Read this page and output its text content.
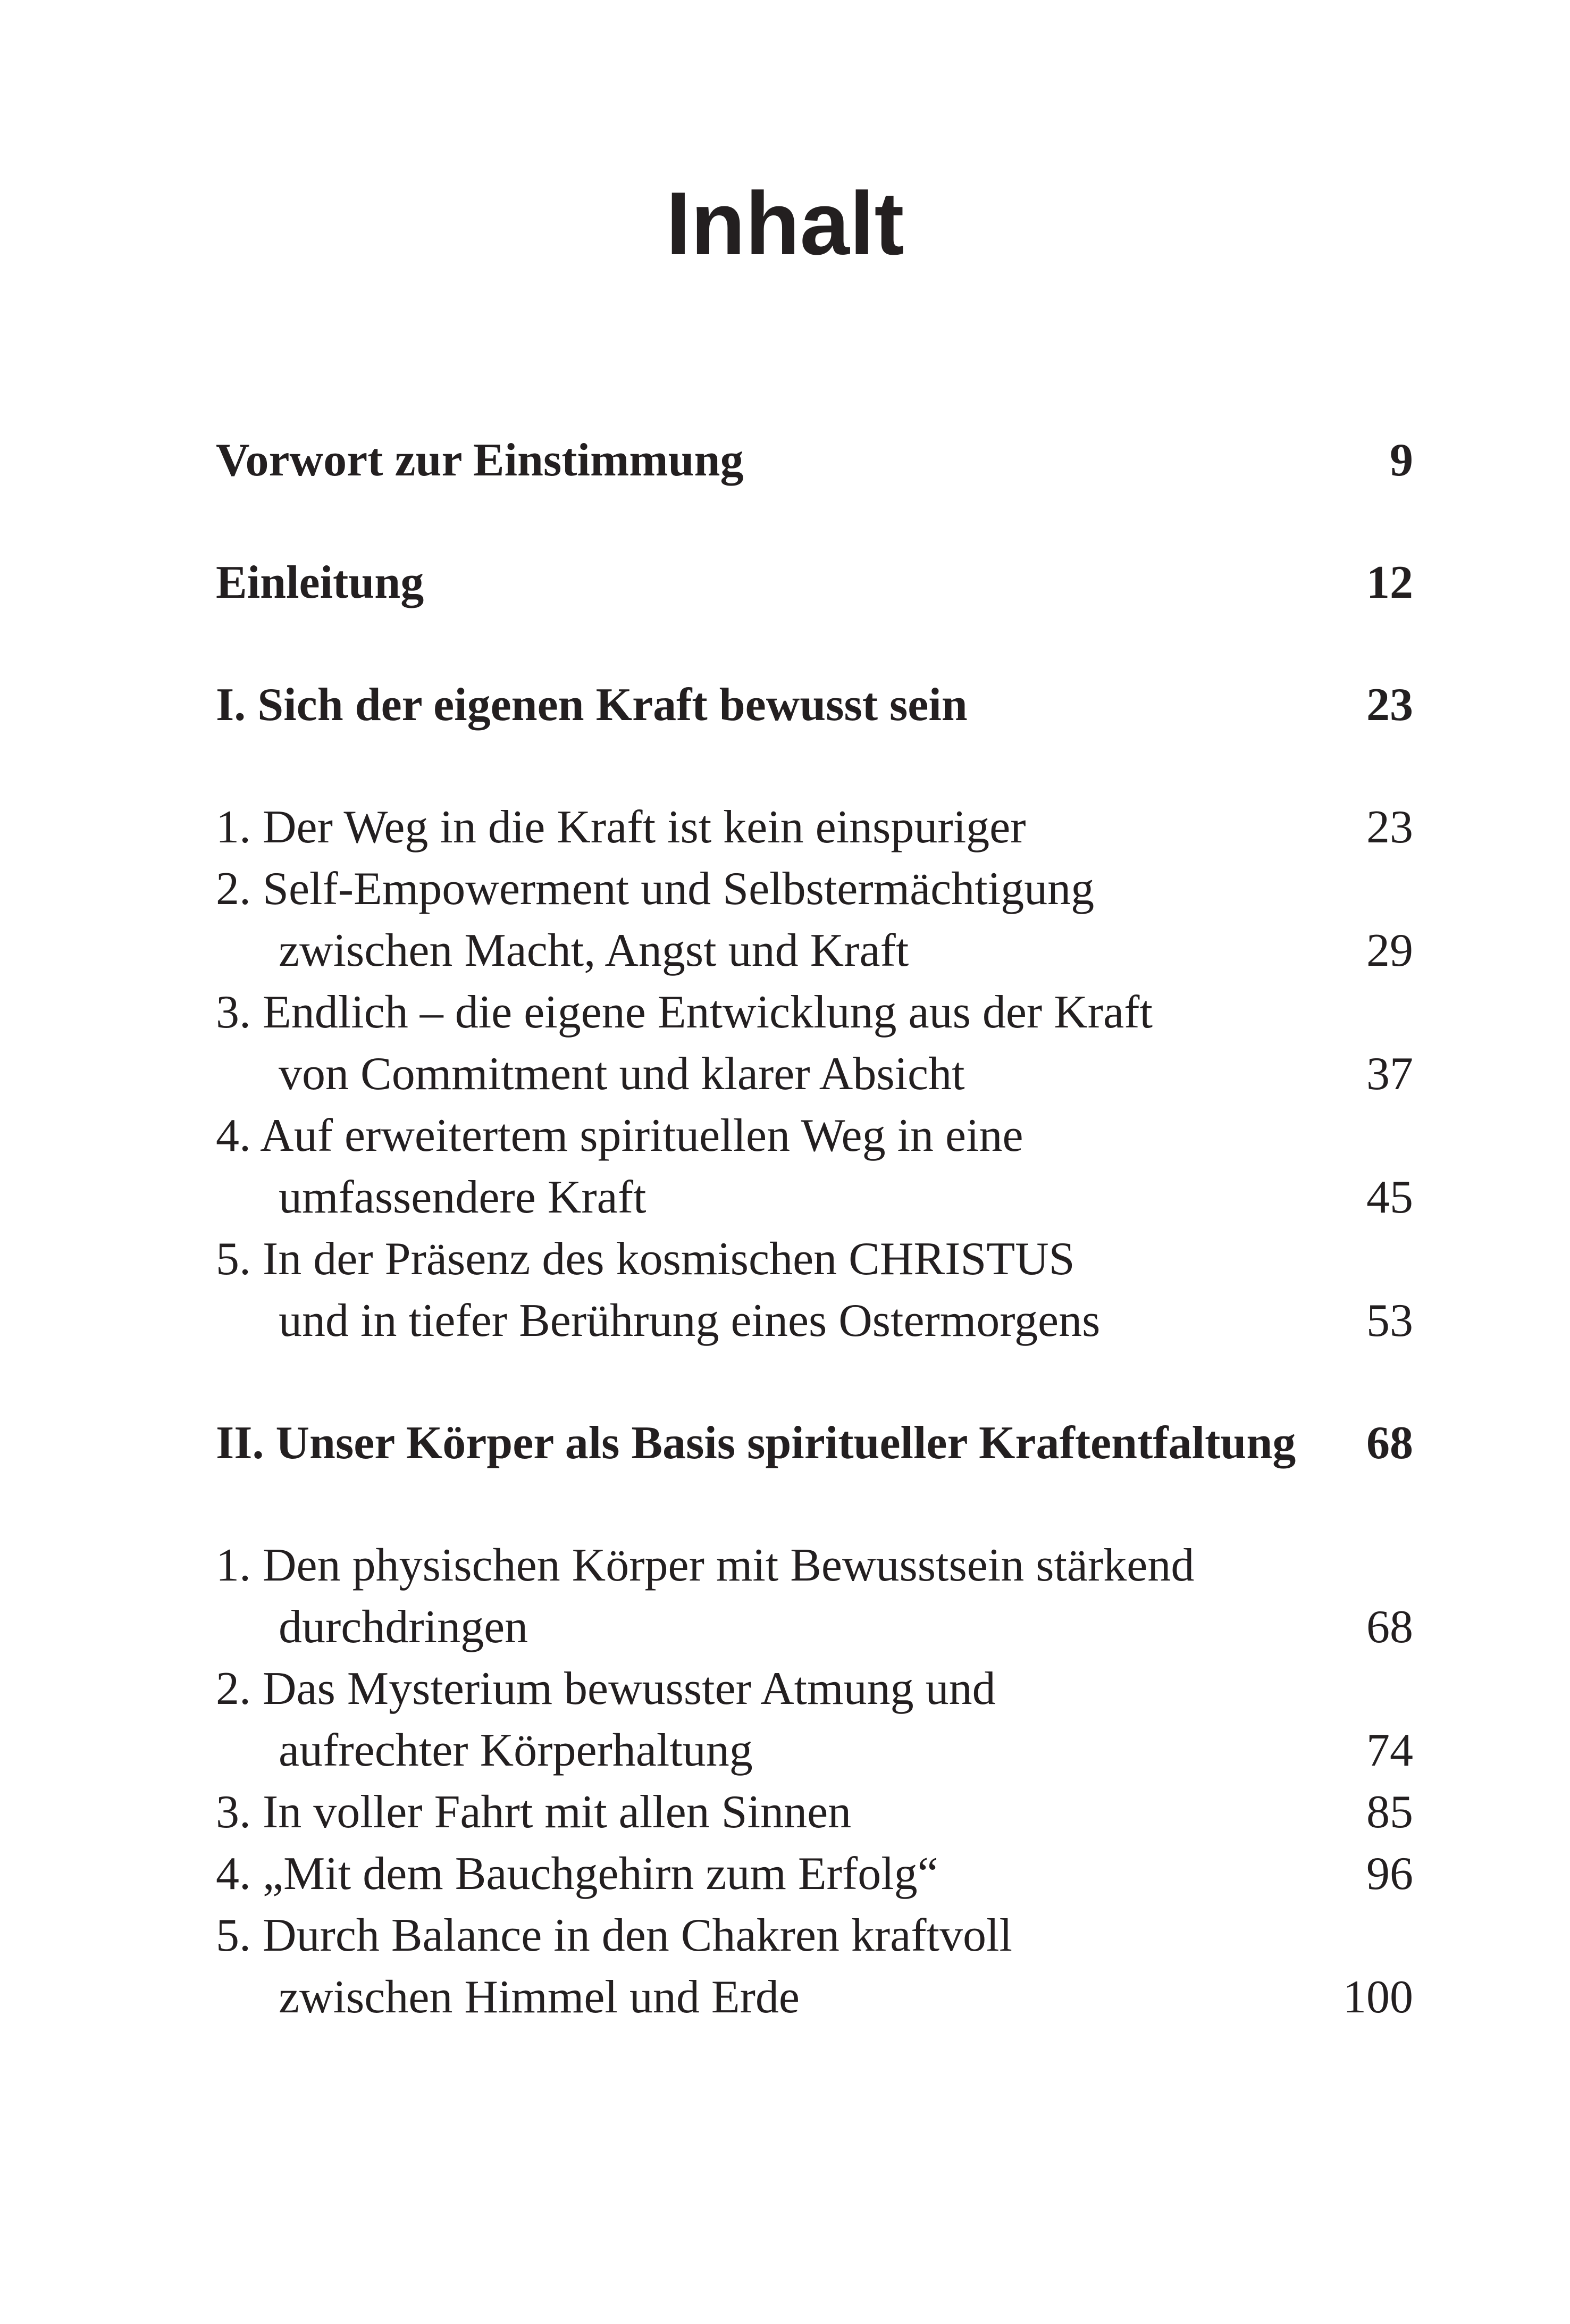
Inhalt
Vorwort zur Einstimmung	9
Einleitung	12
I. Sich der eigenen Kraft bewusst sein	23
1. Der Weg in die Kraft ist kein einspuriger	23
2. Self-Empowerment und Selbstermächtigung
zwischen Macht, Angst und Kraft	29
3. Endlich – die eigene Entwicklung aus der Kraft
von Commitment und klarer Absicht	37
4. Auf erweitertem spirituellen Weg in eine
umfassendere Kraft	45
5. In der Präsenz des kosmischen CHRISTUS
und in tiefer Berührung eines Ostermorgens	53
II. Unser Körper als Basis spiritueller Kraftentfaltung	68
1. Den physischen Körper mit Bewusstsein stärkend
durchdringen	68
2. Das Mysterium bewusster Atmung und
aufrechter Körperhaltung	74
3. In voller Fahrt mit allen Sinnen	85
4. „Mit dem Bauchgehirn zum Erfolg“	96
5. Durch Balance in den Chakren kraftvoll
zwischen Himmel und Erde	100
